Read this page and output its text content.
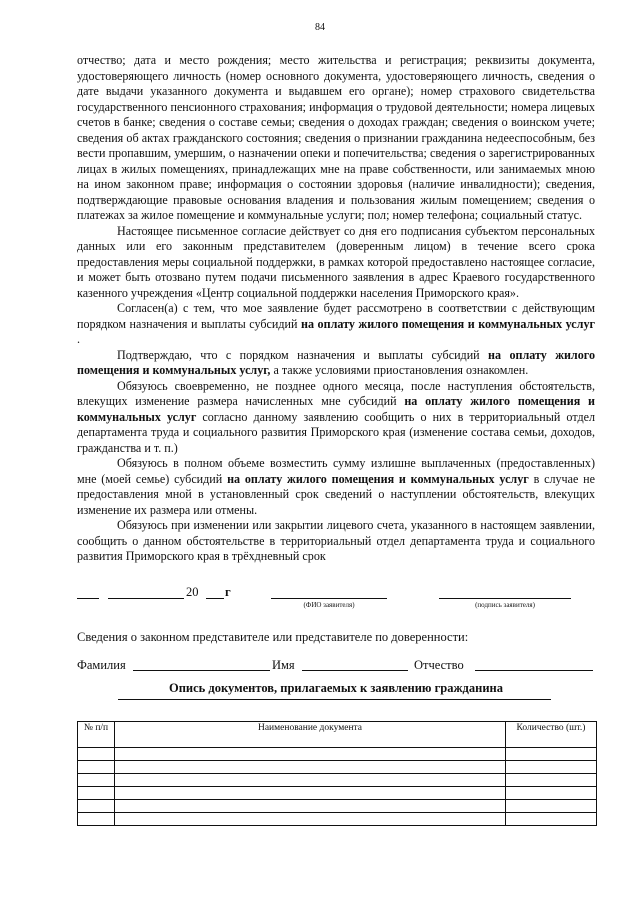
84

отчество; дата и место рождения; место жительства и регистрация; реквизиты документа, удостоверяющего личность (номер основного документа, удостоверяющего личность, сведения о дате выдачи указанного документа и выдавшем его органе); номер страхового свидетельства государственного пенсионного страхования; информация о трудовой деятельности; номера лицевых счетов в банке; сведения о составе семьи; сведения о доходах граждан; сведения о воинском учете; сведения об актах гражданского состояния; сведения о признании гражданина недееспособным, без вести пропавшим, умершим, о назначении опеки и попечительства; сведения о зарегистрированных лицах в жилых помещениях, принадлежащих мне на праве собственности, или занимаемых мною на ином законном праве; информация о состоянии здоровья (наличие инвалидности); сведения, подтверждающие правовые основания владения и пользования жилым помещением; сведения о платежах за жилое помещение и коммунальные услуги; пол; номер телефона; социальный статус.

Настоящее письменное согласие действует со дня его подписания субъектом персональных данных или его законным представителем (доверенным лицом) в течение всего срока предоставления меры социальной поддержки, в рамках которой предоставлено настоящее согласие, и может быть отозвано путем подачи письменного заявления в адрес Краевого государственного казенного учреждения «Центр социальной поддержки населения Приморского края».

Согласен(а) с тем, что мое заявление будет рассмотрено в соответствии с действующим порядком назначения и выплаты субсидий на оплату жилого помещения и коммунальных услуг .

Подтверждаю, что с порядком назначения и выплаты субсидий на оплату жилого помещения и коммунальных услуг, а также условиями приостановления ознакомлен.

Обязуюсь своевременно, не позднее одного месяца, после наступления обстоятельств, влекущих изменение размера начисленных мне субсидий на оплату жилого помещения и коммунальных услуг согласно данному заявлению сообщить о них в территориальный отдел департамента труда и социального развития Приморского края (изменение состава семьи, доходов, гражданства и т. п.)

Обязуюсь в полном объеме возместить сумму излишне выплаченных (предоставленных) мне (моей семье) субсидий на оплату жилого помещения и коммунальных услуг в случае не предоставления мной в установленный срок сведений о наступлении обстоятельств, влекущих изменение их размера или отмены.

Обязуюсь при изменении или закрытии лицевого счета, указанного в настоящем заявлении, сообщить о данном обстоятельстве в территориальный отдел департамента труда и социального развития Приморского края в трёхдневный срок

20 г
(ФИО заявителя)	(подпись заявителя)
Сведения о законном представителе или представителе по доверенности:
Фамилия	Имя	Отчество
Опись документов, прилагаемых к заявлению гражданина
№ п/п	Наименование документа	Количество (шт.)
